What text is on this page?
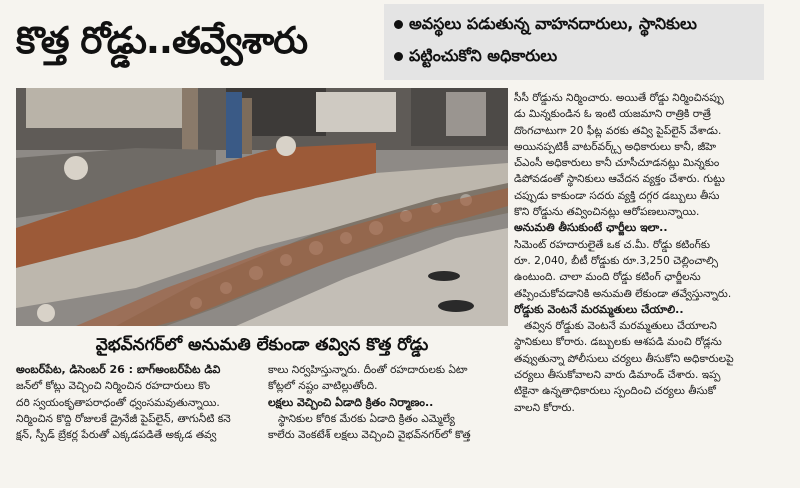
కొత్త రోడ్డు..తవ్వేశారు	అవస్థలు పడుతున్న వాహనదారులు, స్థానికులు
పట్టించుకోని అధికారులు
వైభవ్‌నగర్‌లో అనుమతి లేకుండా తవ్విన కొత్త రోడ్డు

అంబర్‌పేట, డిసెంబర్ 26 : బాగ్‌అంబర్‌పేట డివి

జన్‌లో కోట్లు వెచ్చించి నిర్మించిన రహదారులు కొం

దరి స్వయంకృతాపరాధంతో ధ్వంసమవుతున్నాయి.

నిర్మించిన కొద్ది రోజులకే డ్రైనేజీ పైప్‌లైన్, తాగునీటి కనె

క్షన్, స్పీడ్ బ్రేకర్ల పేరుతో ఎక్కడపడితే అక్కడ తవ్వ

కాలు నిర్వహిస్తున్నారు. దీంతో రహదారులకు ఏటా

కోట్లలో నష్టం వాటిల్లుతోంది.

లక్షలు వెచ్చించి ఏడాది క్రితం నిర్మాణం..

స్థానికుల కోరిక మేరకు ఏడాది క్రితం ఎమ్మెల్యే

కాలేరు వెంకటేశ్ లక్షలు వెచ్చించి వైభవ్‌నగర్‌లో కొత్త

సీసీ రోడ్డును నిర్మించారు. అయితే రోడ్డు నిర్మించినప్పు

డు మిన్నకుండిన ఓ ఇంటి యజమాని రాత్రికి రాత్రే

దొంగచాటుగా 20 ఫీట్ల వరకు తవ్వి పైప్‌లైన్ వేశాడు.

అయినప్పటికీ వాటర్‌వర్క్స్ అధికారులు కానీ, జీహె

చ్‌ఎంసీ అధికారులు కానీ చూసీచూడనట్లు మిన్నకుం

డిపోవడంతో స్థానికులు ఆవేదన వ్యక్తం చేశారు. గుట్టు

చప్పుడు కాకుండా సదరు వ్యక్తి దగ్గర డబ్బులు తీసు

కొని రోడ్డును తవ్వించినట్లు ఆరోపణలున్నాయి.

అనుమతి తీసుకుంటే ఛార్జీలు ఇలా..

సిమెంట్ రహదారులైతే ఒక చ.మీ. రోడ్డు కటింగ్‌కు

రూ. 2,040, బీటీ రోడ్డుకు రూ.3,250 చెల్లించాల్సి

ఉంటుంది. చాలా మంది రోడ్డు కటింగ్ ఛార్జీలను

తప్పించుకోవడానికి అనుమతి లేకుండా తవ్వేస్తున్నారు.

రోడ్డుకు వెంటనే మరమ్మతులు చేయాలి..

తవ్విన రోడ్డుకు వెంటనే మరమ్మతులు చేయాలని

స్థానికులు కోరారు. డబ్బులకు ఆశపడి మంచి రోడ్లను

తవ్వుతున్నా పోలీసులు చర్యలు తీసుకోని అధికారులపై

చర్యలు తీసుకోవాలని వారు డిమాండ్ చేశారు. ఇప్ప

టికైనా ఉన్నతాధికారులు స్పందించి చర్యలు తీసుకో

వాలని కోరారు.
